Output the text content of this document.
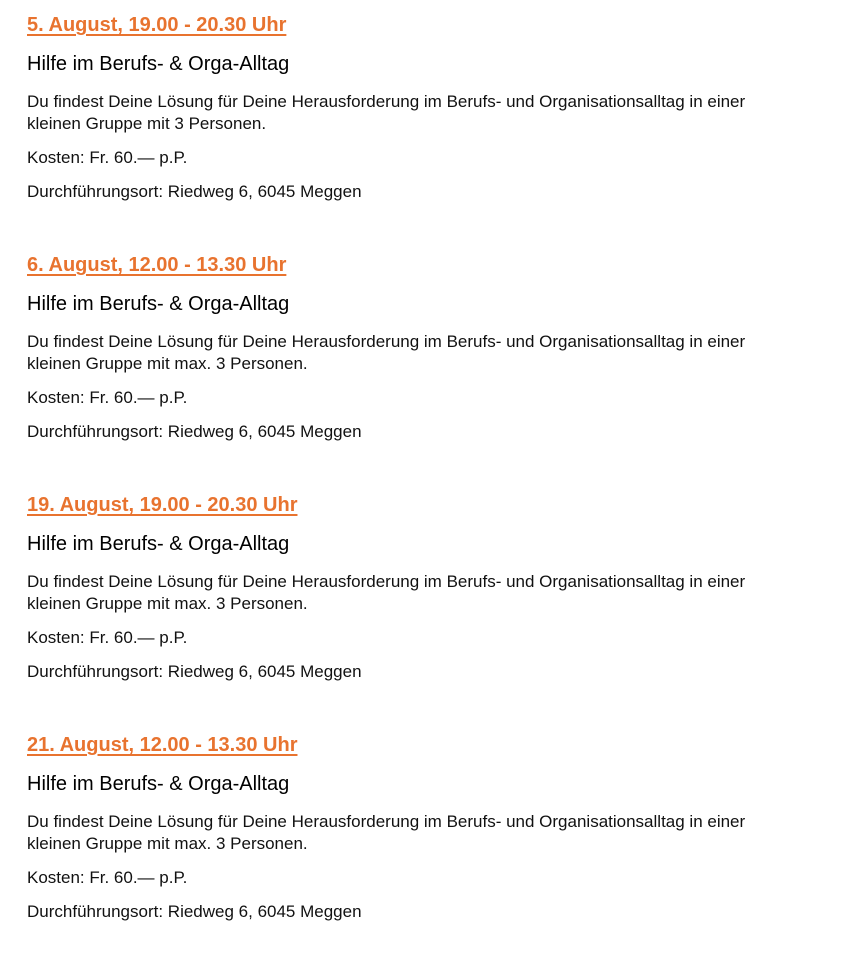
5. August, 19.00 - 20.30 Uhr
Hilfe im Berufs- & Orga-Alltag
Du findest Deine Lösung für Deine Herausforderung im Berufs- und Organisationsalltag in einer kleinen Gruppe mit 3 Personen.
Kosten: Fr. 60.— p.P.
Durchführungsort: Riedweg 6, 6045 Meggen
6. August, 12.00 - 13.30 Uhr
Hilfe im Berufs- & Orga-Alltag
Du findest Deine Lösung für Deine Herausforderung im Berufs- und Organisationsalltag in einer kleinen Gruppe mit max. 3 Personen.
Kosten: Fr. 60.— p.P.
Durchführungsort: Riedweg 6, 6045 Meggen
19. August, 19.00 - 20.30 Uhr
Hilfe im Berufs- & Orga-Alltag
Du findest Deine Lösung für Deine Herausforderung im Berufs- und Organisationsalltag in einer kleinen Gruppe mit max. 3 Personen.
Kosten: Fr. 60.— p.P.
Durchführungsort: Riedweg 6, 6045 Meggen
21. August, 12.00 - 13.30 Uhr
Hilfe im Berufs- & Orga-Alltag
Du findest Deine Lösung für Deine Herausforderung im Berufs- und Organisationsalltag in einer kleinen Gruppe mit max. 3 Personen.
Kosten: Fr. 60.— p.P.
Durchführungsort: Riedweg 6, 6045 Meggen
